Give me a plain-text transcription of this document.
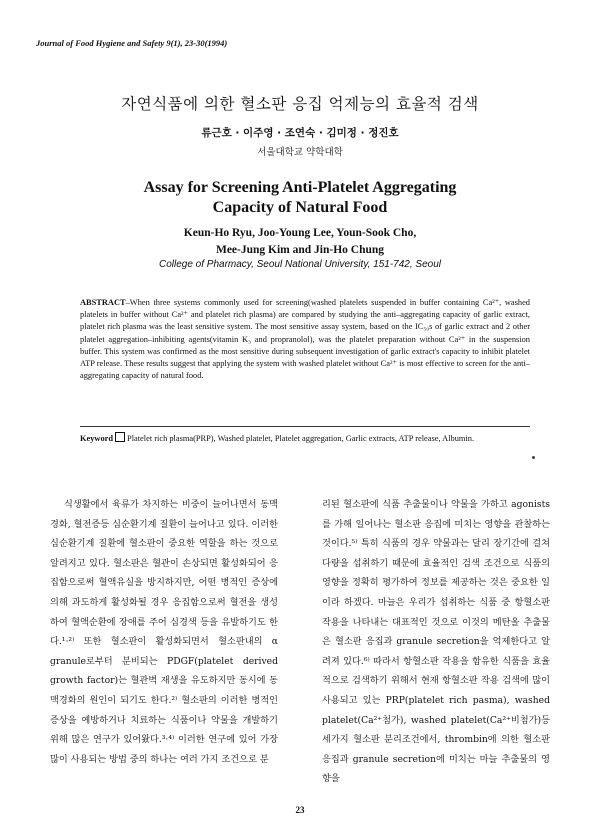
Journal of Food Hygiene and Safety 9(1), 23-30(1994)
자연식품에 의한 혈소판 응집 억제능의 효율적 검색
류근호 · 이주영 · 조연숙 · 김미정 · 정진호
서울대학교 약학대학
Assay for Screening Anti-Platelet Aggregating
Capacity of Natural Food
Keun-Ho Ryu, Joo-Young Lee, Youn-Sook Cho,
Mee-Jung Kim and Jin-Ho Chung
College of Pharmacy, Seoul National University, 151-742, Seoul
ABSTRACT–When three systems commonly used for screening(washed platelets suspended in buffer containing Ca²⁺, washed platelets in buffer without Ca²⁺ and platelet rich plasma) are compared by studying the anti–aggregating capacity of garlic extract, platelet rich plasma was the least sensitive system. The most sensitive assay system, based on the IC₅₀s of garlic extract and 2 other platelet aggregation–inhibiting agents(vitamin K₃ and propranolol), was the platelet preparation without Ca²⁺ in the suspension buffer. This system was confirmed as the most sensitive during subsequent investigation of garlic extract's capacity to inhibit platelet ATP release. These results suggest that applying the system with washed platelet without Ca²⁺ is most effective to screen for the anti–aggregating capacity of natural food.
Keyword Platelet rich plasma(PRP), Washed platelet, Platelet aggregation, Garlic extracts, ATP release, Albumin.

식생활에서 육류가 차지하는 비중이 늘어나면서 동맥경화, 혈전증등 심순환기계 질환이 늘어나고 있다. 이러한 심순환기계 질환에 혈소판이 중요한 역할을 하는 것으로 알려지고 있다. 혈소판은 혈관이 손상되면 활성화되어 응집함으로써 혈액유실을 방지하지만, 어떤 병적인 증상에 의해 과도하게 활성화될 경우 응집함으로써 혈전을 생성하여 혈액순환에 장애를 주어 심경색 등을 유발하기도 한다.¹·²⁾ 또한 혈소판이 활성화되면서 혈소판내의 α granule로부터 분비되는 PDGF(platelet derived growth factor)는 혈관벽 재생을 유도하지만 동시에 동맥경화의 원인이 되기도 한다.²⁾ 혈소판의 이러한 병적인 증상을 예방하거나 치료하는 식품이나 약물을 개발하기 위해 많은 연구가 있어왔다.³·⁴⁾ 이러한 연구에 있어 가장 많이 사용되는 방법 중의 하나는 여러 가지 조건으로 분

리된 혈소판에 식품 추출물이나 약물을 가하고 agonists를 가해 일어나는 혈소판 응집에 미치는 영향을 관찰하는 것이다.⁵⁾ 특히 식품의 경우 약물과는 달리 장기간에 걸쳐 다량을 섭취하기 때문에 효율적인 검색 조건으로 식품의 영향을 정확히 평가하여 정보를 제공하는 것은 중요한 일이라 하겠다. 마늘은 우리가 섭취하는 식품 중 항혈소판 작용을 나타내는 대표적인 것으로 이것의 메탄올 추출물은 혈소판 응집과 granule secretion을 억제한다고 알려져 있다.⁶⁾ 따라서 항혈소판 작용을 함유한 식품을 효율적으로 검색하기 위해서 현재 항혈소판 작용 검색에 많이 사용되고 있는 PRP(platelet rich pasma), washed platelet(Ca²⁺첨가), washed platelet(Ca²⁺비첨가)등 세가지 혈소판 분리조건에서, thrombin에 의한 혈소판응집과 granule secretion에 미치는 마늘 추출물의 영향을

23
